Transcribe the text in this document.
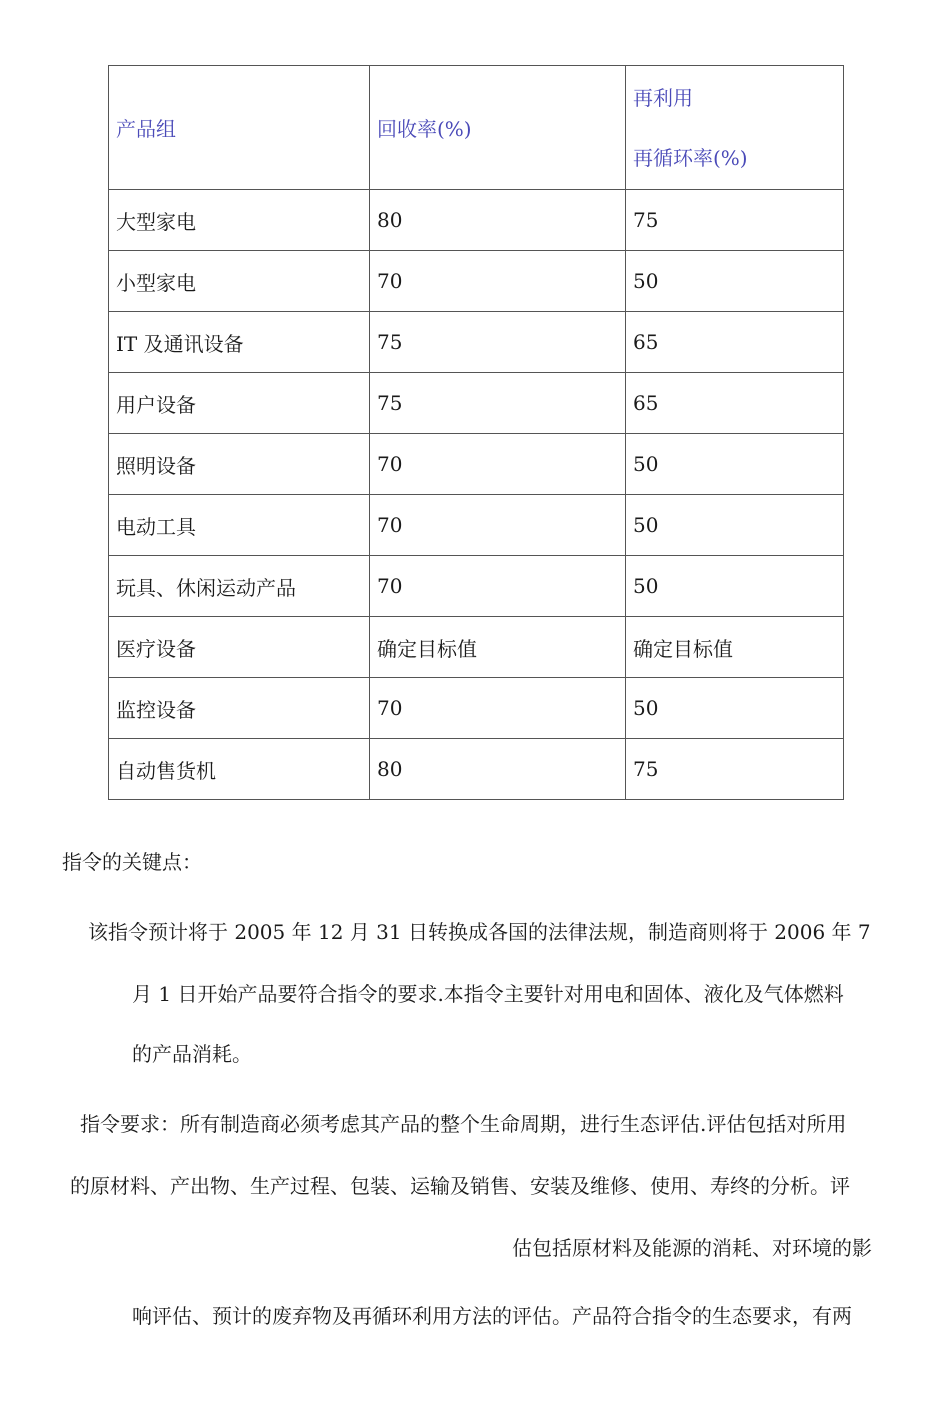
产品组	回收率(%)	再利用
再循环率(%)

大型家电	80	75
小型家电	70	50
IT 及通讯设备	75	65
用户设备	75	65
照明设备	70	50
电动工具	70	50
玩具、休闲运动产品	70	50
医疗设备	确定目标值	确定目标值
监控设备	70	50
自动售货机	80	75
指令的关键点：
该指令预计将于 2005 年 12 月 31 日转换成各国的法律法规，制造商则将于 2006 年 7
月 1 日开始产品要符合指令的要求.本指令主要针对用电和固体、液化及气体燃料
的产品消耗。
指令要求：所有制造商必须考虑其产品的整个生命周期，进行生态评估.评估包括对所用
的原材料、产出物、生产过程、包装、运输及销售、安装及维修、使用、寿终的分析。评
估包括原材料及能源的消耗、对环境的影
响评估、预计的废弃物及再循环利用方法的评估。产品符合指令的生态要求，有两
